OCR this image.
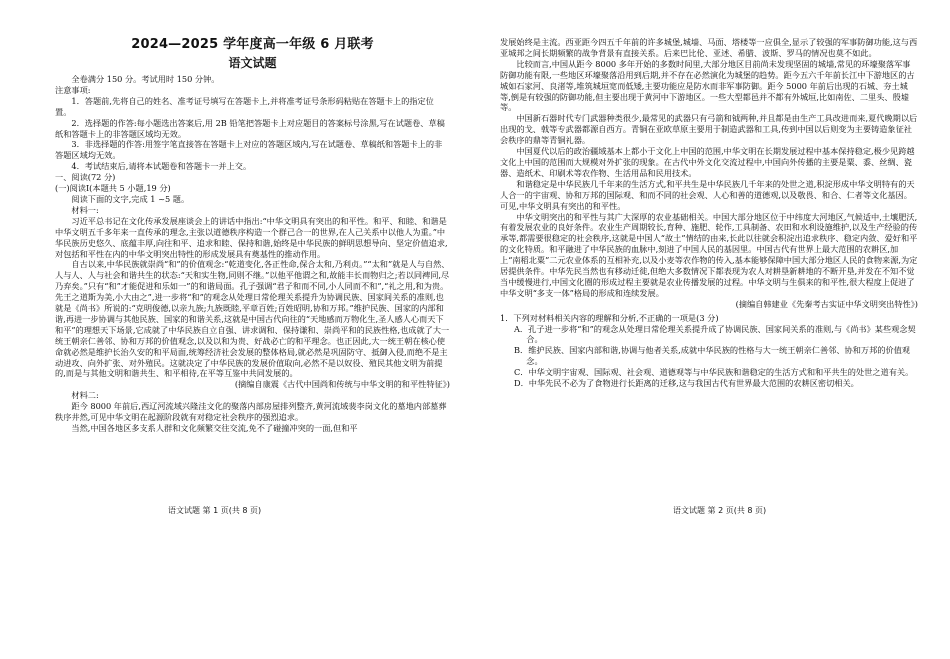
2024—2025 学年度高一年级 6 月联考
语文试题

全卷满分 150 分。考试用时 150 分钟。

注意事项:

1．答题前,先将自己的姓名、准考证号填写在答题卡上,并将准考证号条形码粘贴在答题卡上的指定位置。

2．选择题的作答:每小题选出答案后,用 2B 铅笔把答题卡上对应题目的答案标号涂黑,写在试题卷、草稿纸和答题卡上的非答题区域均无效。

3．非选择题的作答:用签字笔直接答在答题卡上对应的答题区域内,写在试题卷、草稿纸和答题卡上的非答题区域均无效。

4．考试结束后,请将本试题卷和答题卡一并上交。

一、阅读(72 分)

(一)阅读Ⅰ(本题共 5 小题,19 分)

阅读下面的文字,完成 1 ~5 题。

材料一:

习近平总书记在文化传承发展座谈会上的讲话中指出:“中华文明具有突出的和平性。和平、和睦、和谐是中华文明五千多年来一直传承的理念,主张以道德秩序构造一个群己合一的世界,在人己关系中以他人为重。”中华民族历史悠久、底蕴丰厚,向往和平、追求和睦、保持和谐,始终是中华民族的鲜明思想导向、坚定价值追求,对包括和平性在内的中华文明突出特性的形成发展具有奠基性的推动作用。

自古以来,中华民族就崇尚“和”的价值观念:“乾道变化,各正性命,保合太和,乃利贞。”“太和”就是人与自然、人与人、人与社会和谐共生的状态:“天和实生物,同则不继。”以他平他谓之和,故能丰长而物归之;若以同裨同,尽乃弃矣。”只有“和”才能促进和乐如一”的和谐局面。孔子强调“君子和而不同,小人同而不和”,“礼之用,和为贵。先王之道斯为美,小大由之”,进一步将“和”的观念从处理日常伦理关系提升为协调民族、国家间关系的准则,也就是《尚书》所说的:“克明俊德,以亲九族;九族既睦,平章百姓;百姓昭明,协和万邦。”维护民族、国家的内部和谐,再进一步协调与其他民族、国家的和谐关系,这就是中国古代向往的“天地感而万物化生,圣人感人心而天下和平”的理想天下场景,它成就了中华民族自立自强、讲求调和、保持谦和、崇尚平和的民族性格,也成就了大一统王朝亲仁善邻、协和万邦的价值观念,以及以和为贵、好战必亡的和平理念。也正因此,大一统王朝在核心使命就必然是维护长治久安的和平局面,统筹经济社会发展的整体格局,就必然是巩固防守、抵御入侵,而绝不是主动进攻、向外扩张、对外殖民。这就决定了中华民族的发展价值取向,必然不是以奴役、殖民其他文明为前提的,而是与其他文明和谐共生、和平相待,在平等互鉴中共同发展的。

(摘编自康震《古代中国尚和传统与中华文明的和平性特征》)

材料二:

距今 8000 年前后,西辽河流域兴隆洼文化的聚落内部房屋排列整齐,黄河流域裴李岗文化的墓地内部墓葬秩序井然,可见中华文明在起源阶段就有对稳定社会秩序的强烈追求。

当然,中国各地区多支系人群和文化频繁交往交流,免不了碰撞冲突的一面,但和平

发展始终是主流。西亚距今四五千年前的许多城堡,城墙、马面、塔楼等一应俱全,显示了较强的军事防御功能,这与西亚城邦之间长期频繁的战争背景有直接关系。后来巴比伦、亚述、希腊、波斯、罗马的情况也莫不如此。

比较而言,中国从距今 8000 多年开始的多数时间里,大部分地区目前尚未发现坚固的城墙,常见的环壕聚落军事防御功能有限,一些地区环壕聚落沿用到后期,并不存在必然演化为城堡的趋势。距今五六千年前长江中下游地区的古城如石家河、良渚等,堆筑城垣宽而低矮,主要功能应是防水而非军事防御。距今 5000 年前后出现的石城、夯土城等,倒是有较强的防御功能,但主要出现于黄河中下游地区。一些大型都邑并不都有外城垣,比如南佐、二里头、殷墟等。

中国新石器时代专门武器种类很少,最常见的武器只有弓箭和钺两种,并且都是由生产工具改进而来,夏代晚期以后出现的戈、戟等专武器都源自西方。青铜在亚欧草原主要用于制造武器和工具,传到中国以后则变为主要铸造象征社会秩序的鼎等青铜礼器。

中国夏代以后的政治疆域基本上都小于文化上中国的范围,中华文明在长期发展过程中基本保持稳定,极少见跨越文化上中国的范围而大规模对外扩张的现象。在古代中外文化交流过程中,中国向外传播的主要是粟、黍、丝绸、瓷器、造纸术、印刷术等农作物、生活用品和民用技术。

和谐稳定是中华民族几千年来的生活方式,和平共生是中华民族几千年来的处世之道,积淀形成中华文明特有的天人合一的宇宙观、协和万邦的国际观、和而不同的社会观、人心和善的道德观,以及敬畏、和合、仁者等文化基因。可见,中华文明具有突出的和平性。

中华文明突出的和平性与其广大深厚的农业基础相关。中国大部分地区位于中纬度大河地区,气候适中,土壤肥沃,有着发展农业的良好条件。农业生产周期较长,育种、施肥、轮作,工具制备、农田和水利设施维护,以及生产经验的传承等,都需要很稳定的社会秩序,这就是中国人“故土”情结的由来,长此以往就会积淀出追求秩序、稳定内敛、爱好和平的文化特质。和平融进了中华民族的血脉中,刻进了中国人民的基因里。中国古代有世界上最大范围的农耕区,加上“南稻北粟”二元农业体系的互相补充,以及小麦等农作物的传入,基本能够保障中国大部分地区人民的食物来源,为定居提供条件。中华先民当然也有移动迁徙,但绝大多数情况下都表现为农人对耕垦新耕地的不断开垦,并发在不知不觉当中缓慢进行,中国文化圈的形成过程主要就是农业传播发展的过程。中华文明与生俱来的和平性,很大程度上促进了中华文明“多支一体”格局的形成和连续发展。

(摘编自韩建业《先秦考古实证中华文明突出特性》)

1．下列对材料相关内容的理解和分析,不正确的一项是(3 分)

A．孔子进一步将“和”的观念从处理日常伦理关系提升成了协调民族、国家间关系的准则,与《尚书》某些观念契合。

B．维护民族、国家内部和谐,协调与他者关系,成就中华民族的性格与大一统王朝亲仁善邻、协和万邦的价值观念。

C．中华文明宇宙观、国际观、社会观、道德观等与中华民族和谐稳定的生活方式和和平共生的处世之道有关。

D．中华先民不必为了食物进行长距离的迁移,这与我国古代有世界最大范围的农耕区密切相关。

语文试题 第 1 页(共 8 页)	语文试题 第 2 页(共 8 页)
